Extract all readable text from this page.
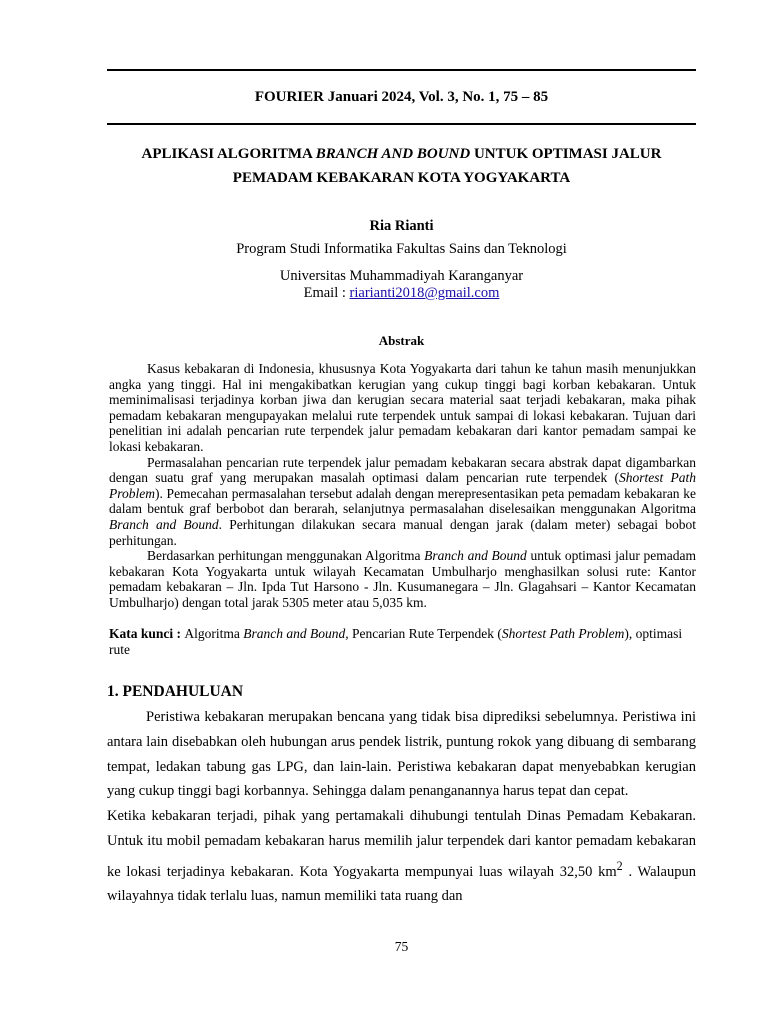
FOURIER Januari 2024, Vol. 3, No. 1, 75 – 85
APLIKASI ALGORITMA BRANCH AND BOUND UNTUK OPTIMASI JALUR
PEMADAM KEBAKARAN KOTA YOGYAKARTA
Ria Rianti
Program Studi Informatika Fakultas Sains dan Teknologi
Universitas Muhammadiyah Karanganyar
Email : riarianti2018@gmail.com
Abstrak

Kasus kebakaran di Indonesia, khususnya Kota Yogyakarta dari tahun ke tahun masih menunjukkan angka yang tinggi. Hal ini mengakibatkan kerugian yang cukup tinggi bagi korban kebakaran. Untuk meminimalisasi terjadinya korban jiwa dan kerugian secara material saat terjadi kebakaran, maka pihak pemadam kebakaran mengupayakan melalui rute terpendek untuk sampai di lokasi kebakaran. Tujuan dari penelitian ini adalah pencarian rute terpendek jalur pemadam kebakaran dari kantor pemadam sampai ke lokasi kebakaran.

Permasalahan pencarian rute terpendek jalur pemadam kebakaran secara abstrak dapat digambarkan dengan suatu graf yang merupakan masalah optimasi dalam pencarian rute terpendek (Shortest Path Problem). Pemecahan permasalahan tersebut adalah dengan merepresentasikan peta pemadam kebakaran ke dalam bentuk graf berbobot dan berarah, selanjutnya permasalahan diselesaikan menggunakan Algoritma Branch and Bound. Perhitungan dilakukan secara manual dengan jarak (dalam meter) sebagai bobot perhitungan.

Berdasarkan perhitungan menggunakan Algoritma Branch and Bound untuk optimasi jalur pemadam kebakaran Kota Yogyakarta untuk wilayah Kecamatan Umbulharjo menghasilkan solusi rute: Kantor pemadam kebakaran – Jln. Ipda Tut Harsono - Jln. Kusumanegara – Jln. Glagahsari – Kantor Kecamatan Umbulharjo) dengan total jarak 5305 meter atau 5,035 km.

Kata kunci : Algoritma Branch and Bound, Pencarian Rute Terpendek (Shortest Path Problem), optimasi rute
1. PENDAHULUAN

Peristiwa kebakaran merupakan bencana yang tidak bisa diprediksi sebelumnya. Peristiwa ini antara lain disebabkan oleh hubungan arus pendek listrik, puntung rokok yang dibuang di sembarang tempat, ledakan tabung gas LPG, dan lain-lain. Peristiwa kebakaran dapat menyebabkan kerugian yang cukup tinggi bagi korbannya. Sehingga dalam penanganannya harus tepat dan cepat.

Ketika kebakaran terjadi, pihak yang pertamakali dihubungi tentulah Dinas Pemadam Kebakaran. Untuk itu mobil pemadam kebakaran harus memilih jalur terpendek dari kantor pemadam kebakaran ke lokasi terjadinya kebakaran. Kota Yogyakarta mempunyai luas wilayah 32,50 $km^2$ . Walaupun wilayahnya tidak terlalu luas, namun memiliki tata ruang dan

75
